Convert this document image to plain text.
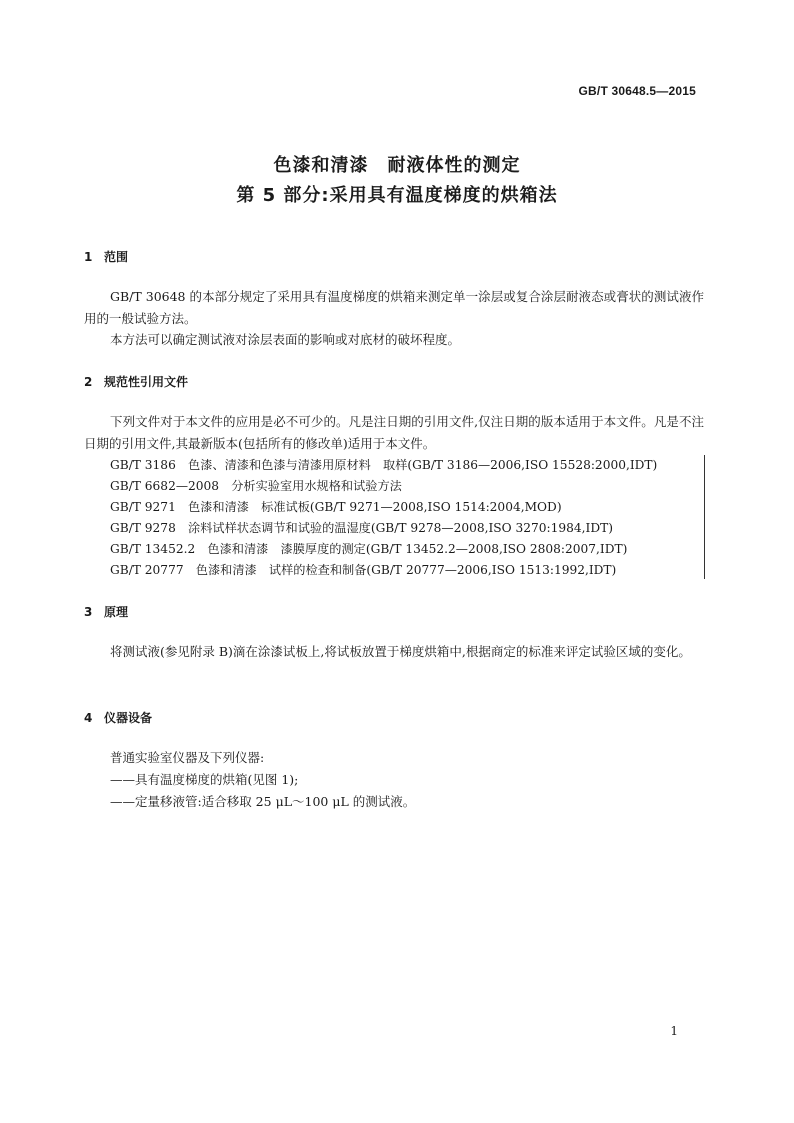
GB/T 30648.5—2015
色漆和清漆　耐液体性的测定
第 5 部分:采用具有温度梯度的烘箱法
1 范围
GB/T 30648 的本部分规定了采用具有温度梯度的烘箱来测定单一涂层或复合涂层耐液态或膏状的测试液作用的一般试验方法。
本方法可以确定测试液对涂层表面的影响或对底材的破坏程度。
2 规范性引用文件
下列文件对于本文件的应用是必不可少的。凡是注日期的引用文件,仅注日期的版本适用于本文件。凡是不注日期的引用文件,其最新版本(包括所有的修改单)适用于本文件。
GB/T 3186　色漆、清漆和色漆与清漆用原材料　取样(GB/T 3186—2006,ISO 15528:2000,IDT)
GB/T 6682—2008　分析实验室用水规格和试验方法
GB/T 9271　色漆和清漆　标准试板(GB/T 9271—2008,ISO 1514:2004,MOD)
GB/T 9278　涂料试样状态调节和试验的温湿度(GB/T 9278—2008,ISO 3270:1984,IDT)
GB/T 13452.2　色漆和清漆　漆膜厚度的测定(GB/T 13452.2—2008,ISO 2808:2007,IDT)
GB/T 20777　色漆和清漆　试样的检查和制备(GB/T 20777—2006,ISO 1513:1992,IDT)
3 原理
将测试液(参见附录 B)滴在涂漆试板上,将试板放置于梯度烘箱中,根据商定的标准来评定试验区域的变化。
4 仪器设备
普通实验室仪器及下列仪器:
——具有温度梯度的烘箱(见图 1);
——定量移液管:适合移取 25 μL～100 μL 的测试液。
1
